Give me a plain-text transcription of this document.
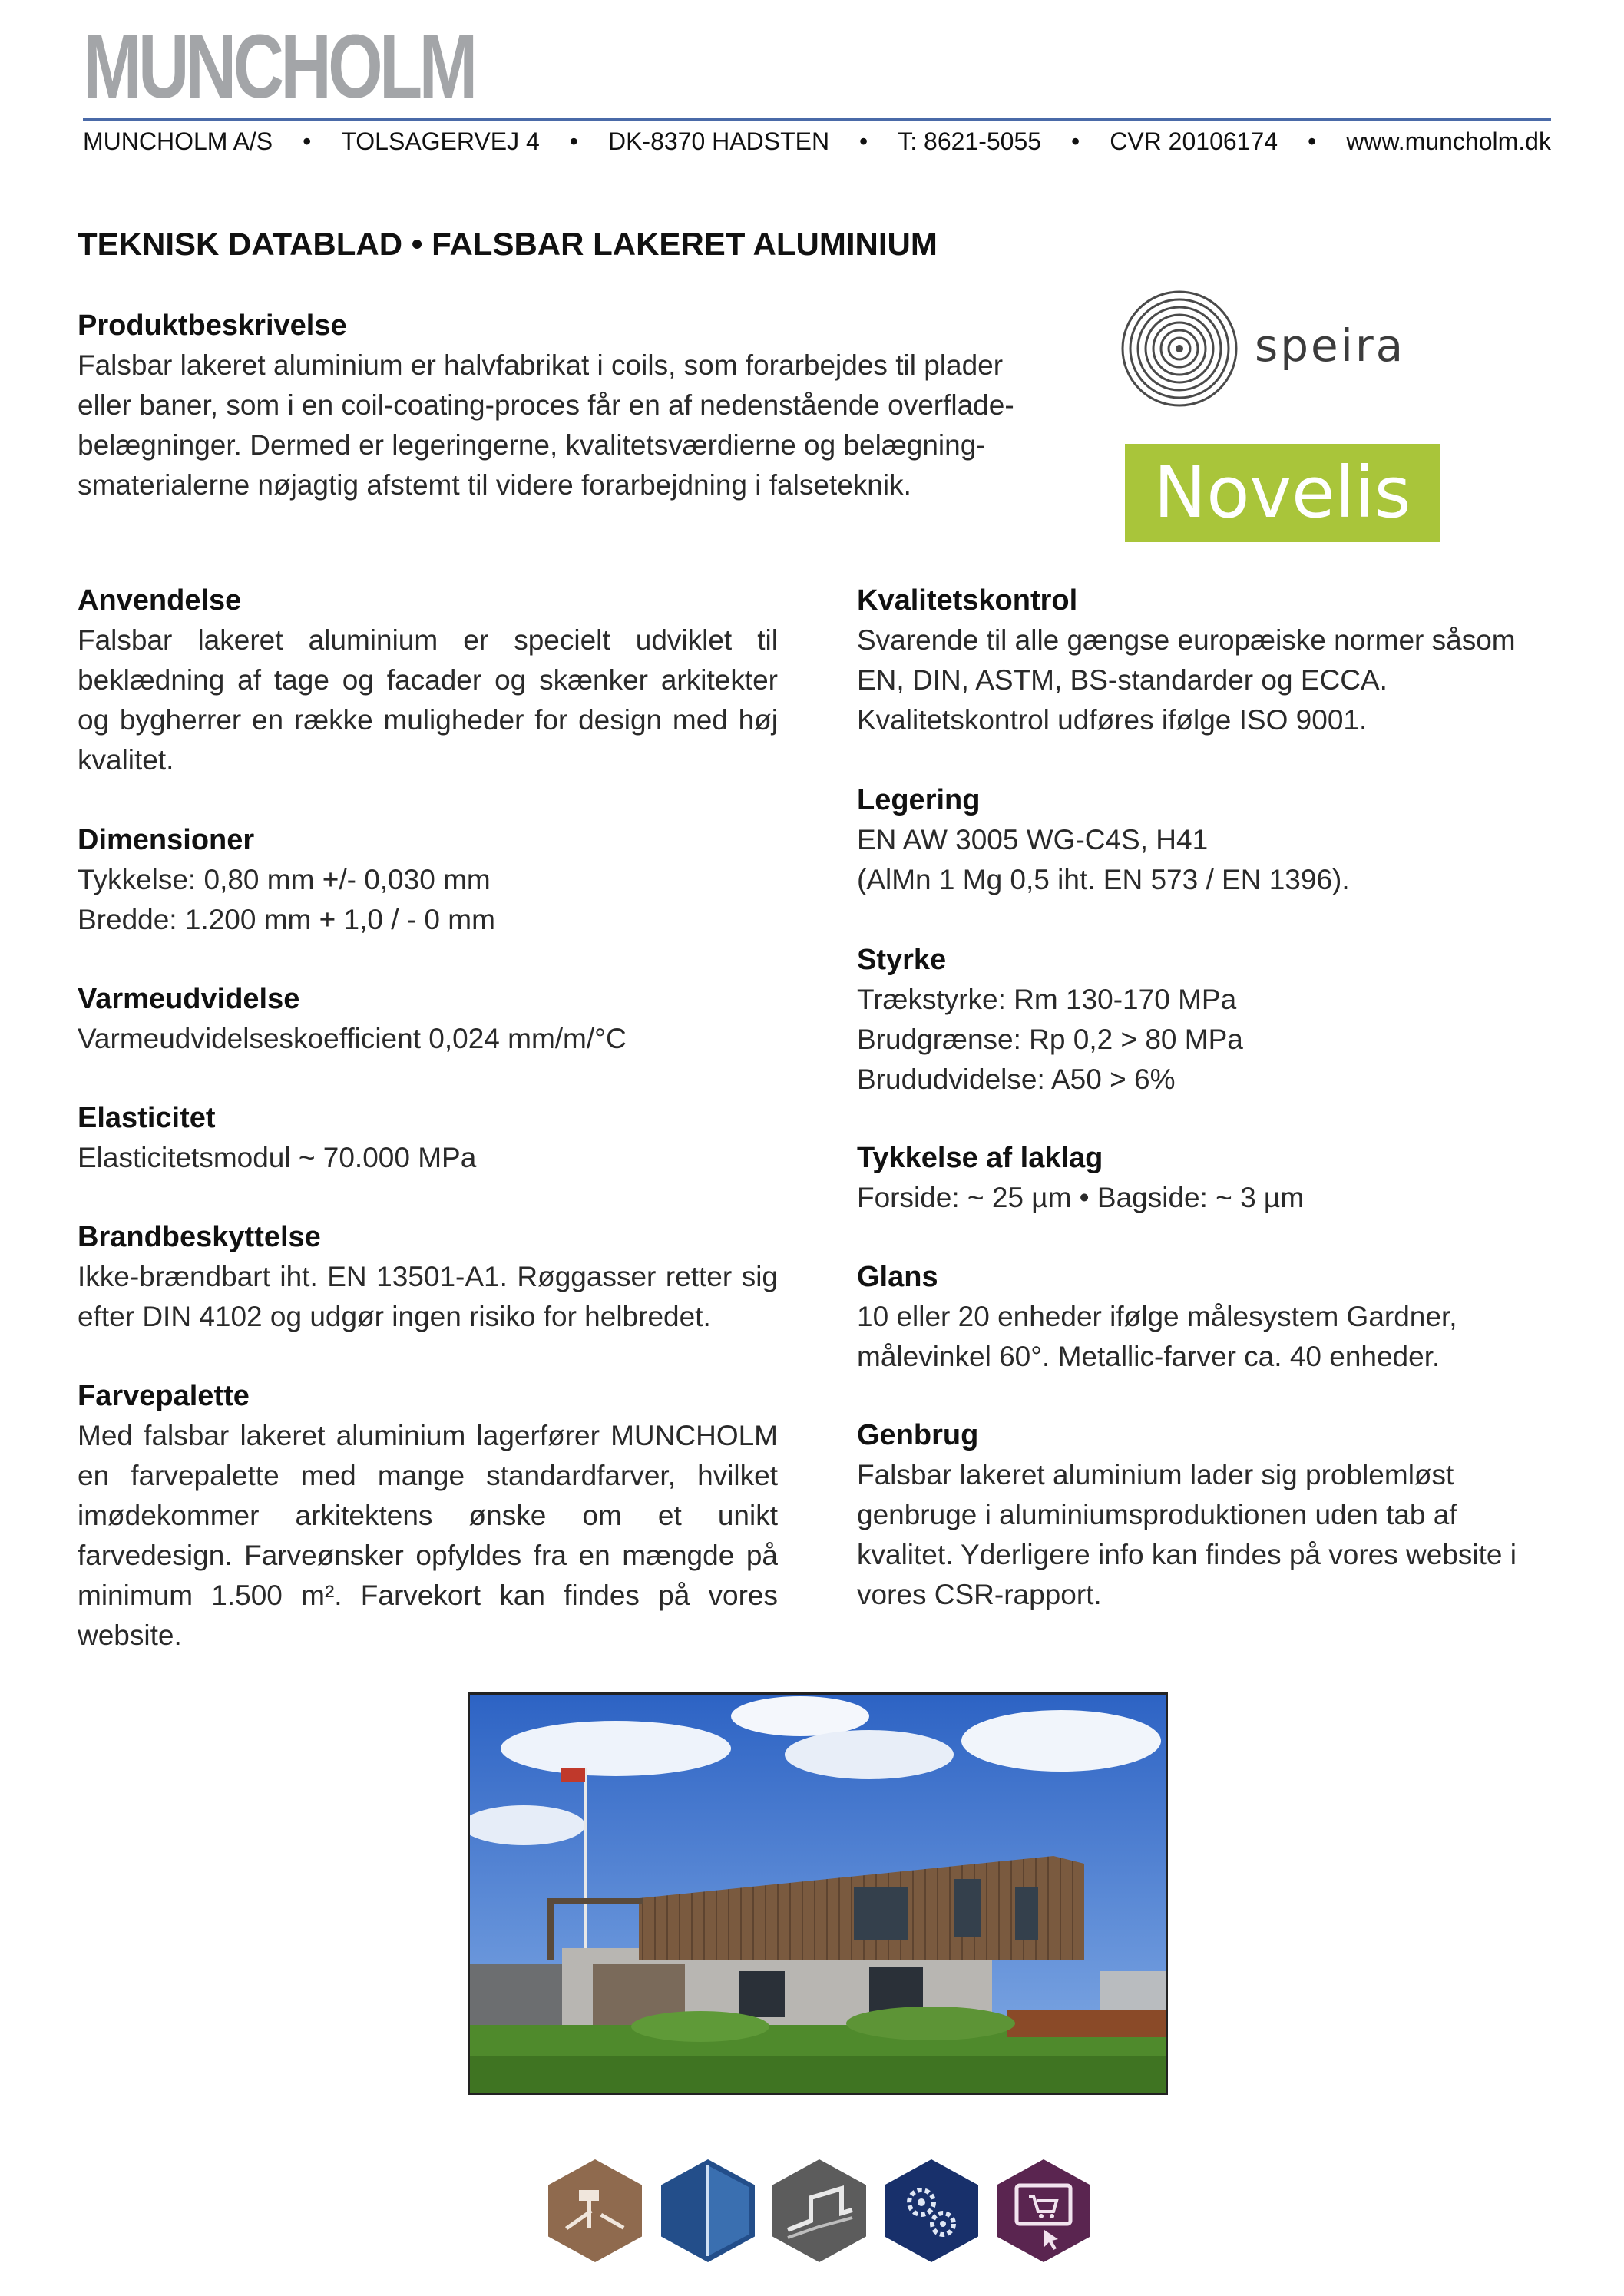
MUNCHOLM
MUNCHOLM A/S • TOLSAGERVEJ 4 • DK-8370 HADSTEN • T: 8621-5055 • CVR 20106174 • www.muncholm.dk
TEKNISK DATABLAD • FALSBAR LAKERET ALUMINIUM
Produktbeskrivelse

Falsbar lakeret aluminium er halvfabrikat i coils, som forarbejdes til plader

eller baner, som i en coil-coating-proces får en af nedenstående overflade-

belægninger. Dermed er legeringerne, kvalitetsværdierne og belægning-

smaterialerne nøjagtig afstemt til videre forarbejdning i falseteknik.

speira
Novelis
Anvendelse

Falsbar lakeret aluminium er specielt udviklet til beklædning af tage og facader og skænker arkitekter og bygherrer en række muligheder for design med høj kvalitet.

Dimensioner

Tykkelse: 0,80 mm +/- 0,030 mm

Bredde: 1.200 mm + 1,0 / - 0 mm

Varmeudvidelse

Varmeudvidelseskoefficient 0,024 mm/m/°C

Elasticitet

Elasticitetsmodul ~ 70.000 MPa

Brandbeskyttelse

Ikke-brændbart iht. EN 13501-A1. Røggasser retter sig efter DIN 4102 og udgør ingen risiko for helbredet.

Farvepalette

Med falsbar lakeret aluminium lagerfører MUNCHOLM en farvepalette med mange standardfarver, hvilket imødekommer arkitektens ønske om et unikt farvedesign. Farveønsker opfyldes fra en mængde på minimum 1.500 m². Farvekort kan findes på vores website.

Kvalitetskontrol

Svarende til alle gængse europæiske normer såsom

EN, DIN, ASTM, BS-standarder og ECCA.

Kvalitetskontrol udføres ifølge ISO 9001.

Legering

EN AW 3005 WG-C4S, H41

(AlMn 1 Mg 0,5 iht. EN 573 / EN 1396).

Styrke

Trækstyrke: Rm 130-170 MPa

Brudgrænse: Rp 0,2 > 80 MPa

Brududvidelse: A50 > 6%

Tykkelse af laklag

Forside: ~ 25 µm • Bagside: ~ 3 µm

Glans

10 eller 20 enheder ifølge målesystem Gardner,

målevinkel 60°. Metallic-farver ca. 40 enheder.

Genbrug

Falsbar lakeret aluminium lader sig problemløst

genbruge i aluminiumsproduktionen uden tab af

kvalitet. Yderligere info kan findes på vores website i

vores CSR-rapport.
